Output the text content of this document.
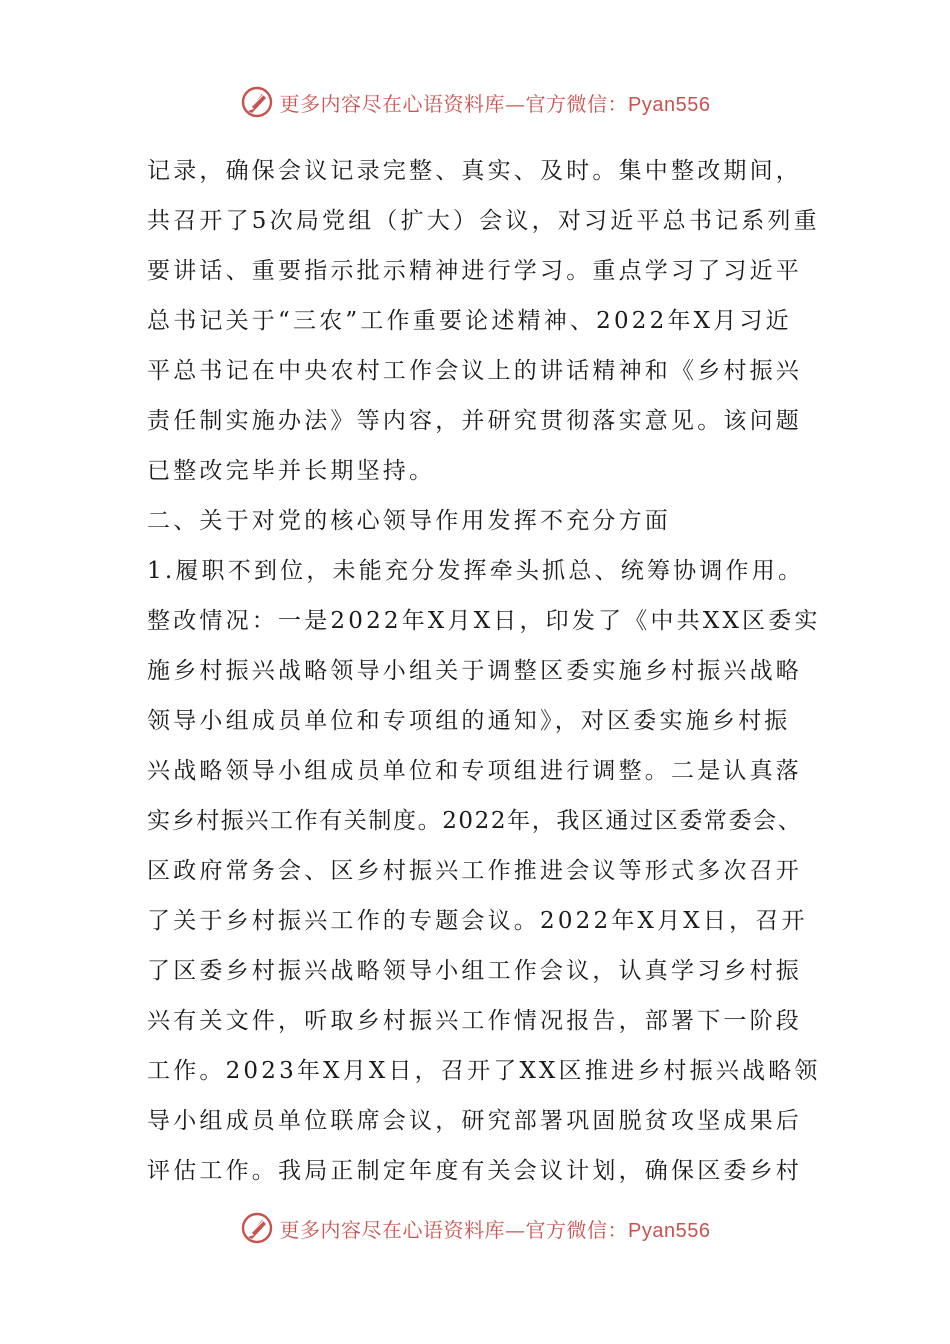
更多内容尽在心语资料库—官方微信：Pyan556
记录，确保会议记录完整、真实、及时。集中整改期间，
共召开了5次局党组（扩大）会议，对习近平总书记系列重
要讲话、重要指示批示精神进行学习。重点学习了习近平
总书记关于“三农”工作重要论述精神、2022年X月习近
平总书记在中央农村工作会议上的讲话精神和《乡村振兴
责任制实施办法》等内容，并研究贯彻落实意见。该问题
已整改完毕并长期坚持。
二、关于对党的核心领导作用发挥不充分方面
1.履职不到位，未能充分发挥牵头抓总、统筹协调作用。
整改情况：一是2022年X月X日，印发了《中共XX区委实
施乡村振兴战略领导小组关于调整区委实施乡村振兴战略
领导小组成员单位和专项组的通知》，对区委实施乡村振
兴战略领导小组成员单位和专项组进行调整。二是认真落
实乡村振兴工作有关制度。2022年，我区通过区委常委会、
区政府常务会、区乡村振兴工作推进会议等形式多次召开
了关于乡村振兴工作的专题会议。2022年X月X日，召开
了区委乡村振兴战略领导小组工作会议，认真学习乡村振
兴有关文件，听取乡村振兴工作情况报告，部署下一阶段
工作。2023年X月X日，召开了XX区推进乡村振兴战略领
导小组成员单位联席会议，研究部署巩固脱贫攻坚成果后
评估工作。我局正制定年度有关会议计划，确保区委乡村
更多内容尽在心语资料库—官方微信：Pyan556
